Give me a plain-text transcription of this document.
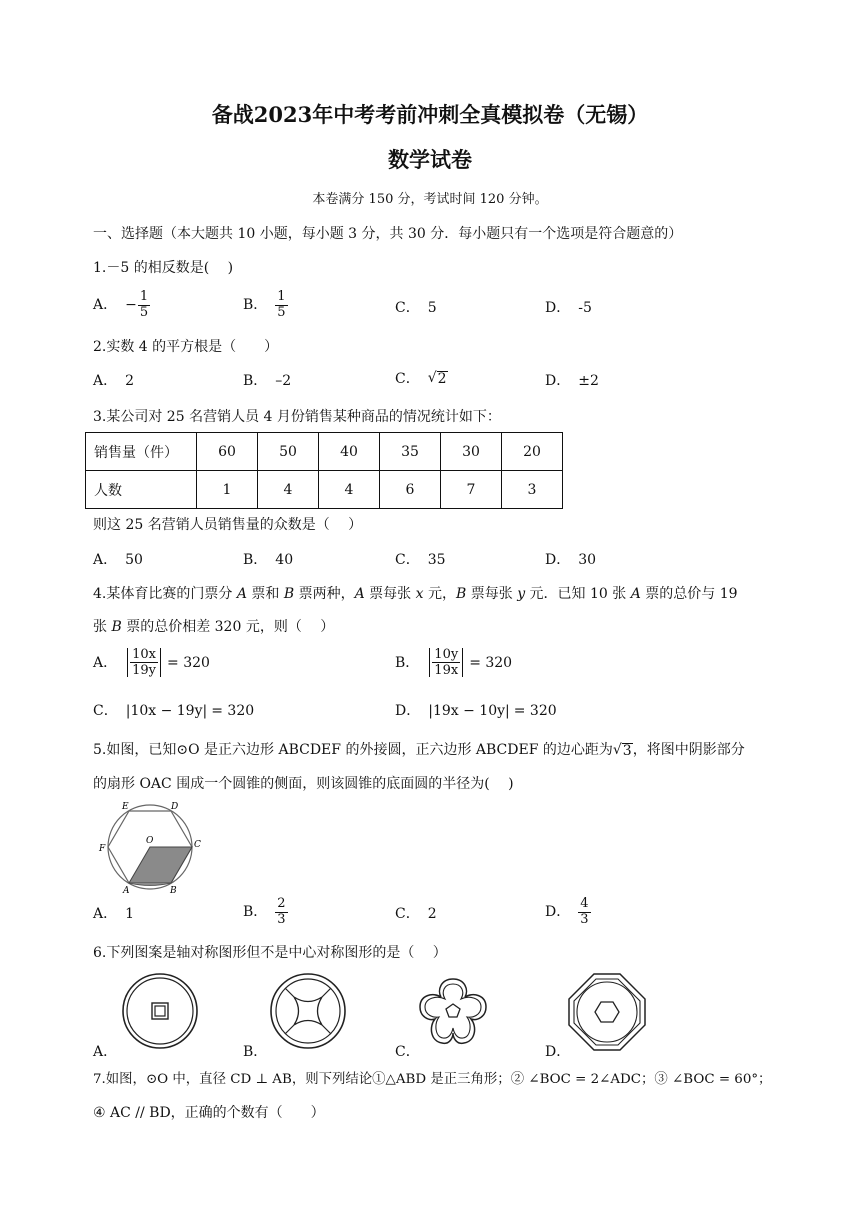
备战2023年中考考前冲刺全真模拟卷（无锡）
数学试卷
本卷满分 150 分，考试时间 120 分钟。
一、选择题（本大题共 10 小题，每小题 3 分，共 30 分．每小题只有一个选项是符合题意的）
1.－5 的相反数是(　 )
A． − $\frac{1}{5}$	B． $\frac{1}{5}$	C． 5	D． -5
2.实数 4 的平方根是（　　）
A． 2	B． –2	C． √ 2	D． ±2
3.某公司对 25 名营销人员 4 月份销售某种商品的情况统计如下：
销售量（件）	60	50	40	35	30	20
人数	1	4	4	6	7	3
则这 25 名营销人员销售量的众数是（　 ）
A． 50	B． 40	C． 35	D． 30
4.某体育比赛的门票分 A 票和 B 票两种，A 票每张 x 元，B 票每张 y 元．已知 10 张 A 票的总价与 19
张 B 票的总价相差 320 元，则（　 ）
A． 10x
19y = 320	B． 10y
19x = 320
C． |10x − 19y| = 320	D． |19x − 10y| = 320
5.如图，已知⊙O 是正六边形 ABCDEF 的外接圆，正六边形 ABCDEF 的边心距为√ 3 ，将图中阴影部分
的扇形 OAC 围成一个圆锥的侧面，则该圆锥的底面圆的半径为(　 )
E	D
F
O	C
A	B
A． 1	B． $\frac{2}{3}$	C． 2	D． $\frac{4}{3}$
6.下列图案是轴对称图形但不是中心对称图形的是（　 ）
A．	B．	C．	D．
7.如图，⊙O 中，直径 CD ⊥ AB，则下列结论①△ABD 是正三角形；② ∠BOC = 2∠ADC；③ ∠BOC = 60°；
④ AC // BD，正确的个数有（　　）
